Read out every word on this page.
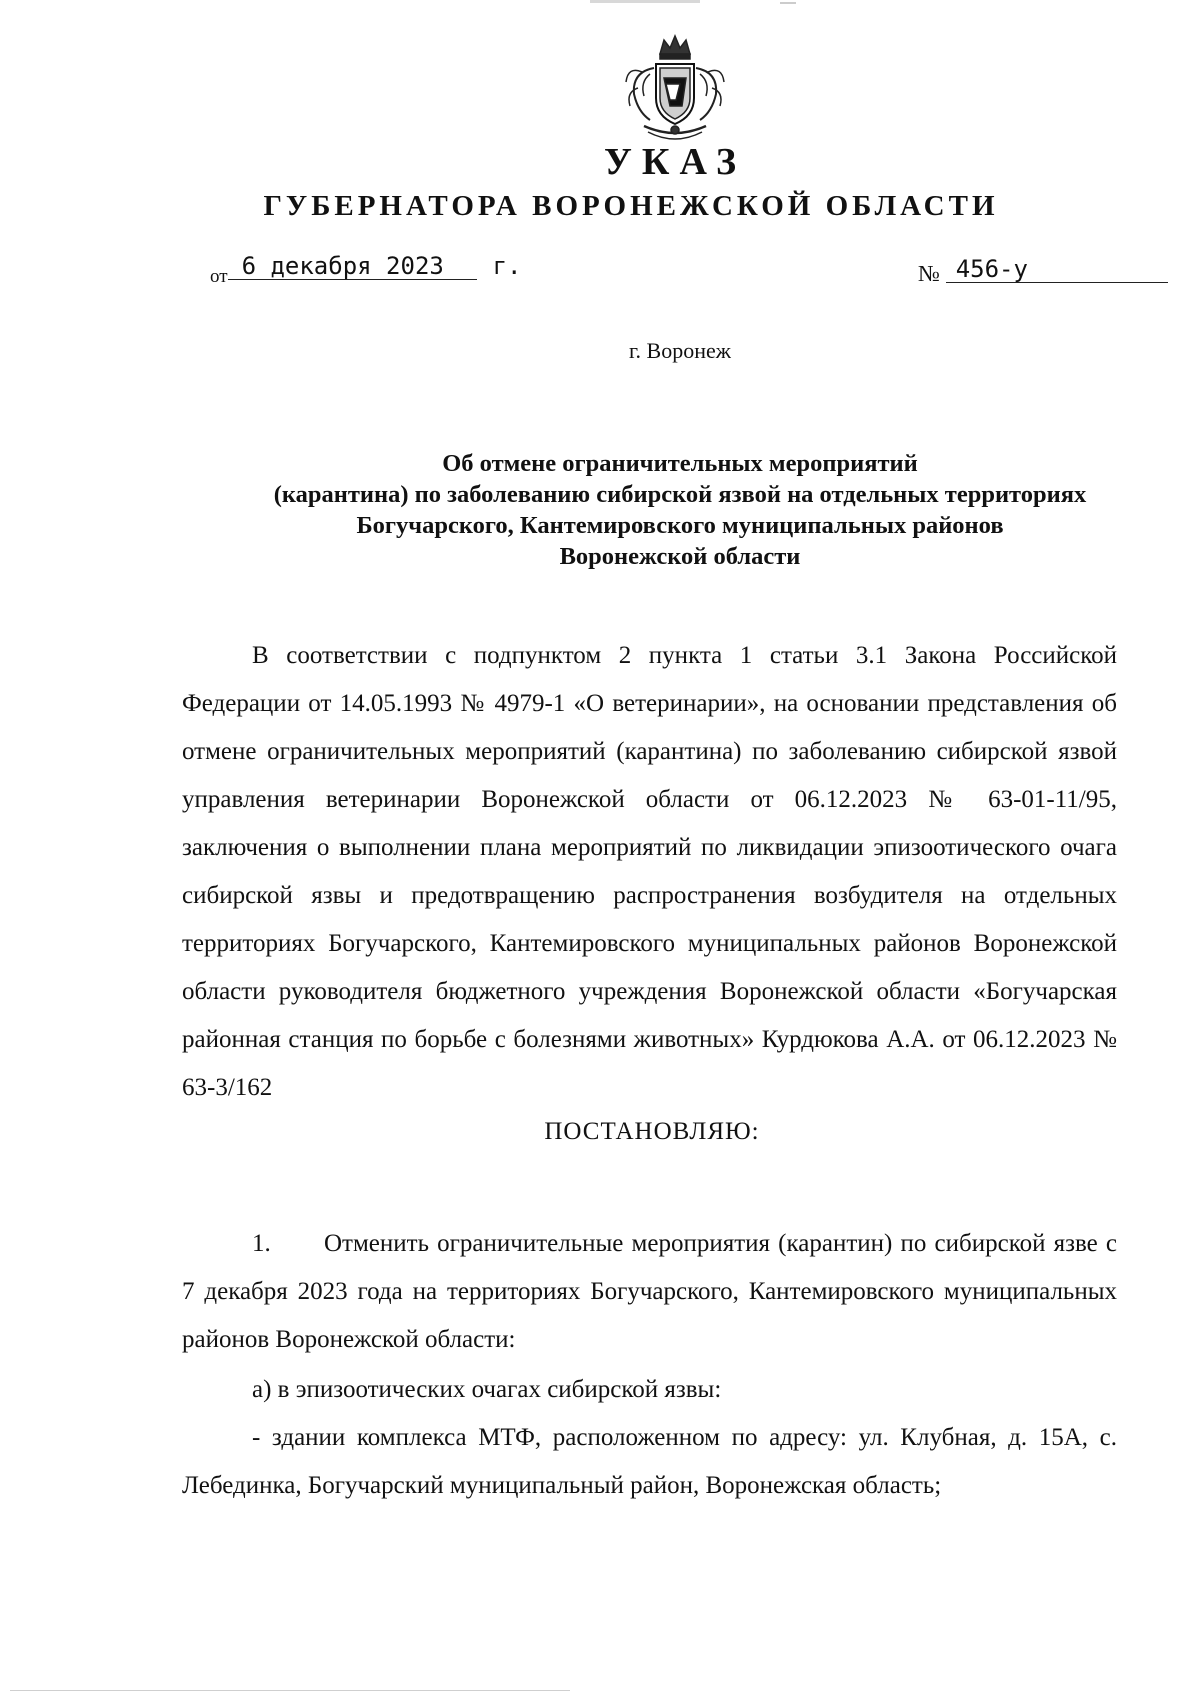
УКАЗ
ГУБЕРНАТОРА ВОРОНЕЖСКОЙ ОБЛАСТИ
от 6 декабря 2023 г.	№ 456-у
г. Воронеж
Об отмене ограничительных мероприятий
(карантина) по заболеванию сибирской язвой на отдельных территориях
Богучарского, Кантемировского муниципальных районов
Воронежской области
В соответствии с подпунктом 2 пункта 1 статьи 3.1 Закона Российской Федерации от 14.05.1993 № 4979-1 «О ветеринарии», на основании представления об отмене ограничительных мероприятий (карантина) по заболеванию сибирской язвой управления ветеринарии Воронежской области от 06.12.2023 № 63-01-11/95, заключения о выполнении плана мероприятий по ликвидации эпизоотического очага сибирской язвы и предотвращению распространения возбудителя на отдельных территориях Богучарского, Кантемировского муниципальных районов Воронежской области руководителя бюджетного учреждения Воронежской области «Богучарская районная станция по борьбе с болезнями животных» Курдюкова А.А. от 06.12.2023 № 63-3/162
ПОСТАНОВЛЯЮ:
1. Отменить ограничительные мероприятия (карантин) по сибирской язве с 7 декабря 2023 года на территориях Богучарского, Кантемировского муниципальных районов Воронежской области:
а) в эпизоотических очагах сибирской язвы:
- здании комплекса МТФ, расположенном по адресу: ул. Клубная, д. 15А, с. Лебединка, Богучарский муниципальный район, Воронежская область;
